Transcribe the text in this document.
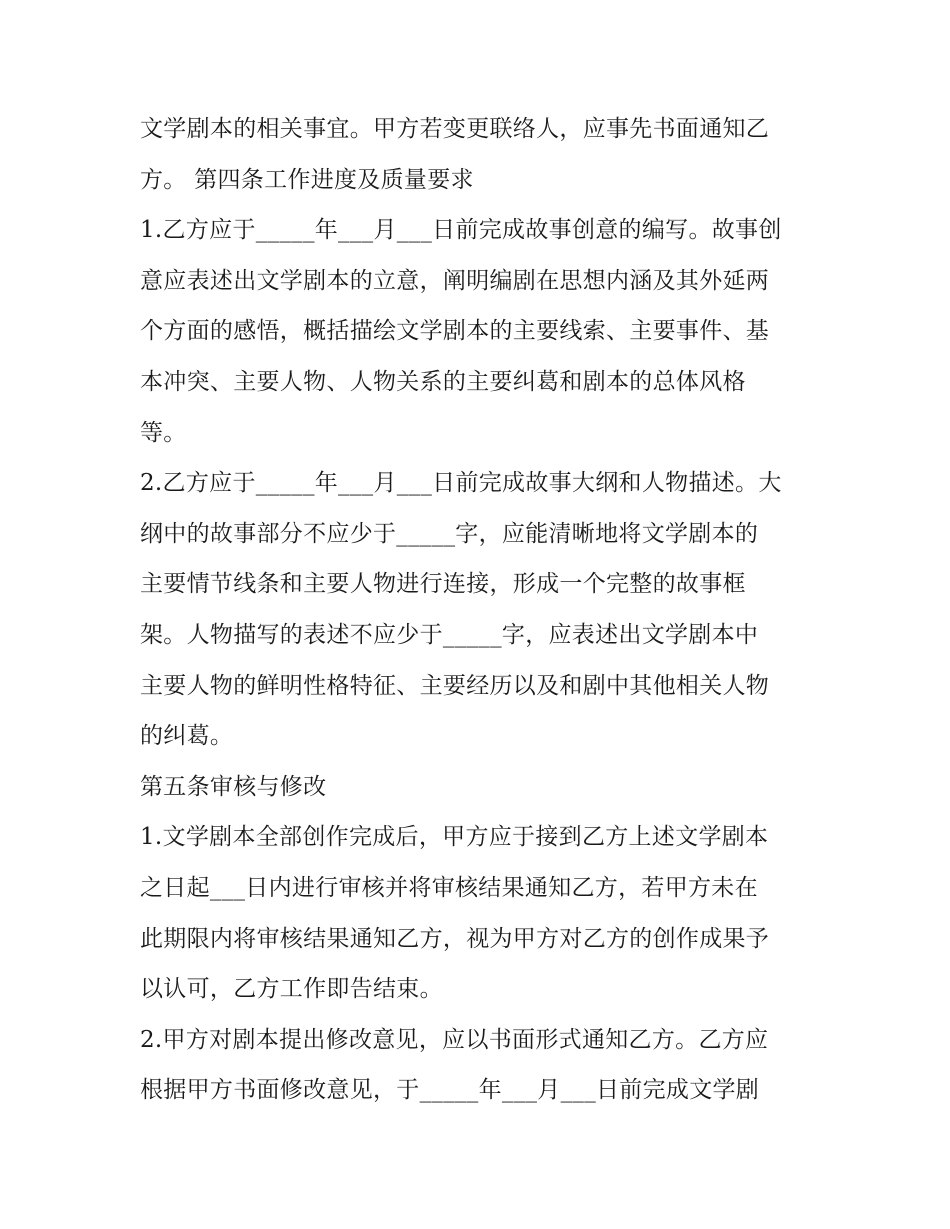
文学剧本的相关事宜。甲方若变更联络人，应事先书面通知乙
方。 第四条工作进度及质量要求
1.乙方应于_____年___月___日前完成故事创意的编写。故事创
意应表述出文学剧本的立意，阐明编剧在思想内涵及其外延两
个方面的感悟，概括描绘文学剧本的主要线索、主要事件、基
本冲突、主要人物、人物关系的主要纠葛和剧本的总体风格
等。
2.乙方应于_____年___月___日前完成故事大纲和人物描述。大
纲中的故事部分不应少于_____字，应能清晰地将文学剧本的
主要情节线条和主要人物进行连接，形成一个完整的故事框
架。人物描写的表述不应少于_____字，应表述出文学剧本中
主要人物的鲜明性格特征、主要经历以及和剧中其他相关人物
的纠葛。
第五条审核与修改
1.文学剧本全部创作完成后，甲方应于接到乙方上述文学剧本
之日起___日内进行审核并将审核结果通知乙方，若甲方未在
此期限内将审核结果通知乙方，视为甲方对乙方的创作成果予
以认可，乙方工作即告结束。
2.甲方对剧本提出修改意见，应以书面形式通知乙方。乙方应
根据甲方书面修改意见，于_____年___月___日前完成文学剧
